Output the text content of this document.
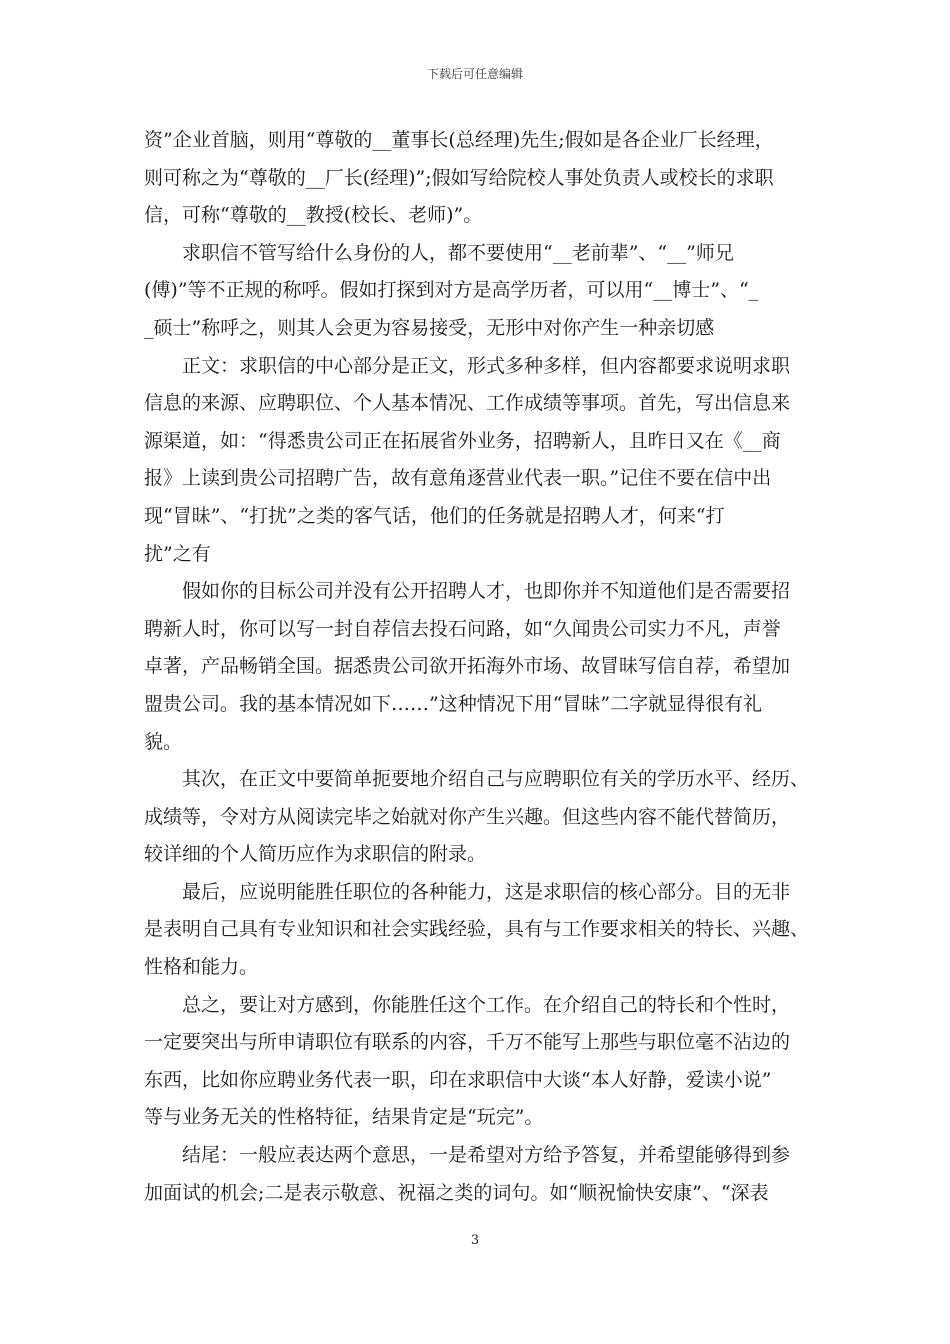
下载后可任意编辑
资”企业首脑，则用“尊敬的__董事长(总经理)先生;假如是各企业厂长经理，
则可称之为“尊敬的__厂长(经理)”;假如写给院校人事处负责人或校长的求职
信，可称“尊敬的__教授(校长、老师)”。
求职信不管写给什么身份的人，都不要使用“__老前辈”、“__”师兄
(傅)”等不正规的称呼。假如打探到对方是高学历者，可以用“__博士”、“_
_硕士”称呼之，则其人会更为容易接受，无形中对你产生一种亲切感
正文：求职信的中心部分是正文，形式多种多样，但内容都要求说明求职
信息的来源、应聘职位、个人基本情况、工作成绩等事项。首先，写出信息来
源渠道，如：“得悉贵公司正在拓展省外业务，招聘新人，且昨日又在《__商
报》上读到贵公司招聘广告，故有意角逐营业代表一职。”记住不要在信中出
现“冒昧”、“打扰”之类的客气话，他们的任务就是招聘人才，何来“打
扰”之有
假如你的目标公司并没有公开招聘人才，也即你并不知道他们是否需要招
聘新人时，你可以写一封自荐信去投石问路，如“久闻贵公司实力不凡，声誉
卓著，产品畅销全国。据悉贵公司欲开拓海外市场、故冒昧写信自荐，希望加
盟贵公司。我的基本情况如下……”这种情况下用“冒昧”二字就显得很有礼
貌。
其次，在正文中要简单扼要地介绍自己与应聘职位有关的学历水平、经历、
成绩等，令对方从阅读完毕之始就对你产生兴趣。但这些内容不能代替简历，
较详细的个人简历应作为求职信的附录。
最后，应说明能胜任职位的各种能力，这是求职信的核心部分。目的无非
是表明自己具有专业知识和社会实践经验，具有与工作要求相关的特长、兴趣、
性格和能力。
总之，要让对方感到，你能胜任这个工作。在介绍自己的特长和个性时，
一定要突出与所申请职位有联系的内容，千万不能写上那些与职位毫不沾边的
东西，比如你应聘业务代表一职，印在求职信中大谈“本人好静，爱读小说”
等与业务无关的性格特征，结果肯定是“玩完”。
结尾：一般应表达两个意思，一是希望对方给予答复，并希望能够得到参
加面试的机会;二是表示敬意、祝福之类的词句。如“顺祝愉快安康”、“深表
3
